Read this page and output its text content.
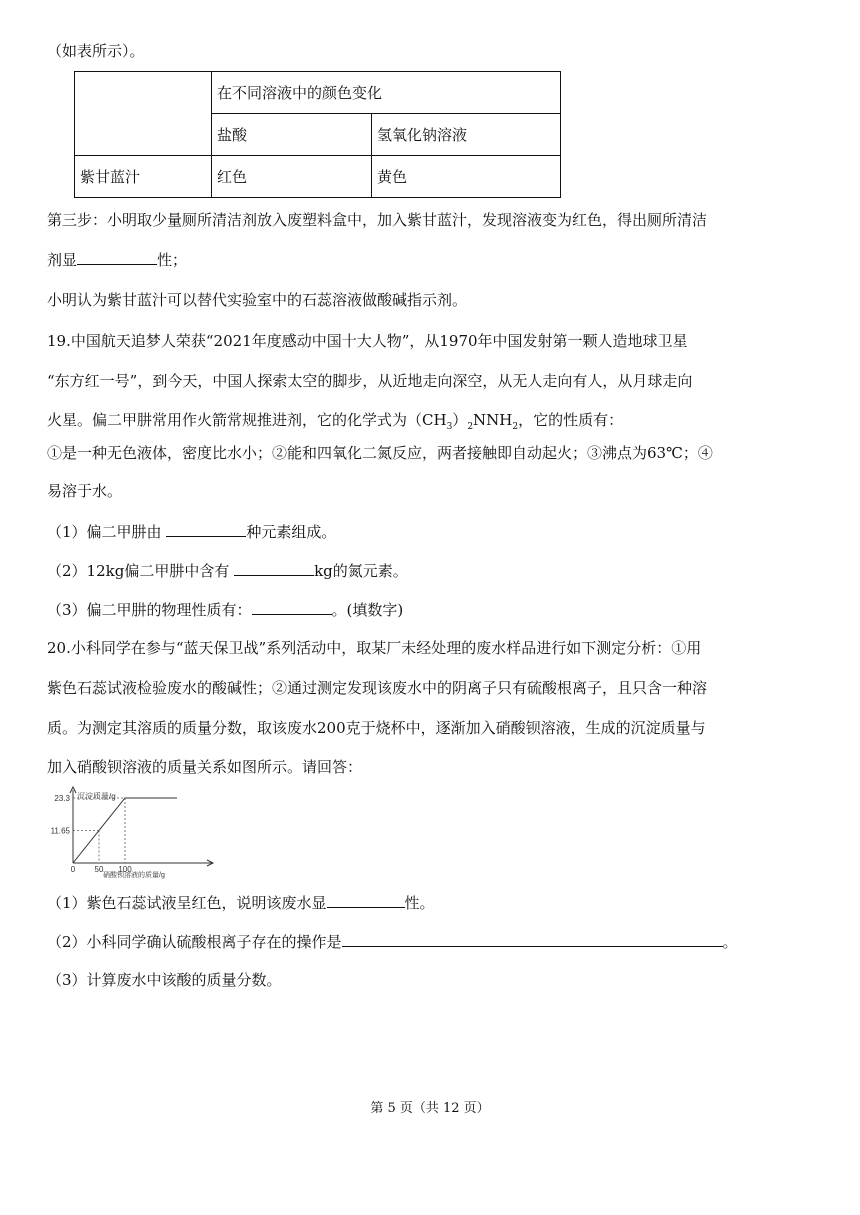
（如表所示）。
	在不同溶液中的颜色变化	
	盐酸	氢氧化钠溶液
紫甘蓝汁	红色	黄色
第三步：小明取少量厕所清洁剂放入废塑料盒中，加入紫甘蓝汁，发现溶液变为红色，得出厕所清洁
剂显	性；
小明认为紫甘蓝汁可以替代实验室中的石蕊溶液做酸碱指示剂。
19.中国航天追梦人荣获“2021年度感动中国十大人物”，从1970年中国发射第一颗人造地球卫星
“东方红一号”，到今天，中国人探索太空的脚步，从近地走向深空，从无人走向有人，从月球走向
火星。偏二甲肼常用作火箭常规推进剂，它的化学式为$(CH_3)_2NNH_2$，它的性质有：
①是一种无色液体，密度比水小；②能和四氧化二氮反应，两者接触即自动起火；③沸点为63℃；④
易溶于水。
（1）偏二甲肼由	种元素组成。
（2）12kg偏二甲肼中含有	kg的氮元素。
（3）偏二甲肼的物理性质有：	。(填数字)
20.小科同学在参与“蓝天保卫战”系列活动中，取某厂未经处理的废水样品进行如下测定分析：①用
紫色石蕊试液检验废水的酸碱性；②通过测定发现该废水中的阴离子只有硫酸根离子，且只含一种溶
质。为测定其溶质的质量分数，取该废水200克于烧杯中，逐渐加入硝酸钡溶液，生成的沉淀质量与
加入硝酸钡溶液的质量关系如图所示。请回答：
沉淀质量/g
硝酸钡溶液的质量/g
11.65
23.3
0 50 100
（1）紫色石蕊试液呈红色，说明该废水显	性。
（2）小科同学确认硫酸根离子存在的操作是	。
（3）计算废水中该酸的质量分数。
第 5 页（共 12 页）
